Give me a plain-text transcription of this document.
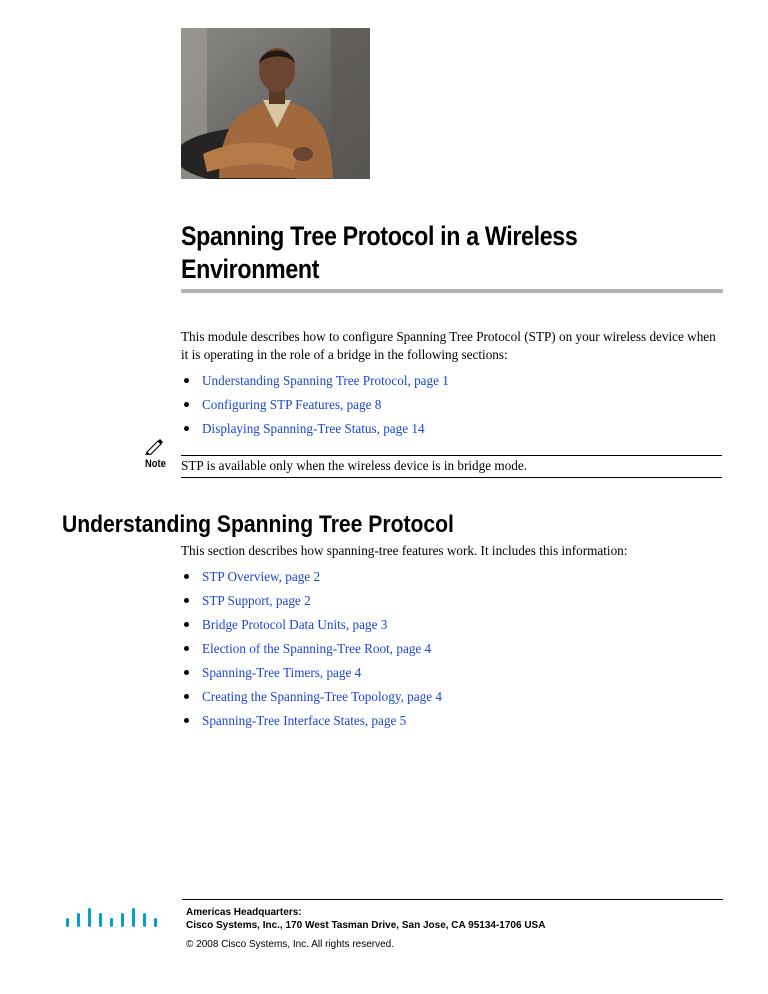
Spanning Tree Protocol in a Wireless Environment

This module describes how to configure Spanning Tree Protocol (STP) on your wireless device when it is operating in the role of a bridge in the following sections:

Understanding Spanning Tree Protocol, page 1
Configuring STP Features, page 8
Displaying Spanning-Tree Status, page 14
Note STP is available only when the wireless device is in bridge mode.
Understanding Spanning Tree Protocol

This section describes how spanning-tree features work. It includes this information:

STP Overview, page 2
STP Support, page 2
Bridge Protocol Data Units, page 3
Election of the Spanning-Tree Root, page 4
Spanning-Tree Timers, page 4
Creating the Spanning-Tree Topology, page 4
Spanning-Tree Interface States, page 5
Americas Headquarters:
Cisco Systems, Inc., 170 West Tasman Drive, San Jose, CA 95134-1706 USA
© 2008 Cisco Systems, Inc. All rights reserved.
